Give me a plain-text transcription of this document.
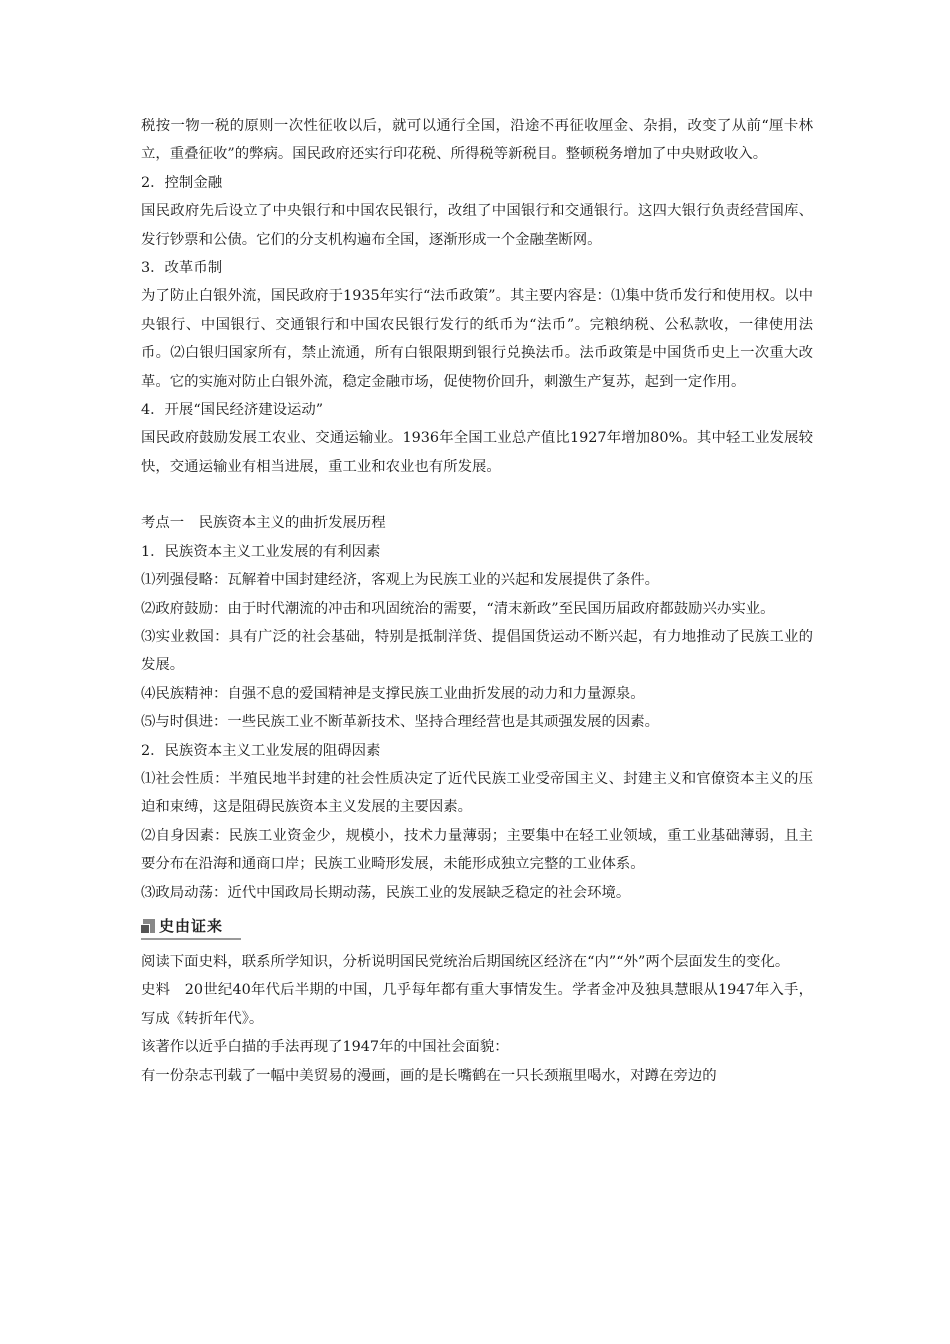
税按一物一税的原则一次性征收以后，就可以通行全国，沿途不再征收厘金、杂捐，改变了从前“厘卡林立，重叠征收”的弊病。国民政府还实行印花税、所得税等新税目。整顿税务增加了中央财政收入。

2．控制金融

国民政府先后设立了中央银行和中国农民银行，改组了中国银行和交通银行。这四大银行负责经营国库、发行钞票和公债。它们的分支机构遍布全国，逐渐形成一个金融垄断网。

3．改革币制

为了防止白银外流，国民政府于1935年实行“法币政策”。其主要内容是：⑴集中货币发行和使用权。以中央银行、中国银行、交通银行和中国农民银行发行的纸币为“法币”。完粮纳税、公私款收，一律使用法币。⑵白银归国家所有，禁止流通，所有白银限期到银行兑换法币。法币政策是中国货币史上一次重大改革。它的实施对防止白银外流，稳定金融市场，促使物价回升，刺激生产复苏，起到一定作用。

4．开展“国民经济建设运动”

国民政府鼓励发展工农业、交通运输业。1936年全国工业总产值比1927年增加80%。其中轻工业发展较快，交通运输业有相当进展，重工业和农业也有所发展。

考点一　民族资本主义的曲折发展历程

1．民族资本主义工业发展的有利因素

⑴列强侵略：瓦解着中国封建经济，客观上为民族工业的兴起和发展提供了条件。

⑵政府鼓励：由于时代潮流的冲击和巩固统治的需要，“清末新政”至民国历届政府都鼓励兴办实业。

⑶实业救国：具有广泛的社会基础，特别是抵制洋货、提倡国货运动不断兴起，有力地推动了民族工业的发展。

⑷民族精神：自强不息的爱国精神是支撑民族工业曲折发展的动力和力量源泉。

⑸与时俱进：一些民族工业不断革新技术、坚持合理经营也是其顽强发展的因素。

2．民族资本主义工业发展的阻碍因素

⑴社会性质：半殖民地半封建的社会性质决定了近代民族工业受帝国主义、封建主义和官僚资本主义的压迫和束缚，这是阻碍民族资本主义发展的主要因素。

⑵自身因素：民族工业资金少，规模小，技术力量薄弱；主要集中在轻工业领域，重工业基础薄弱，且主要分布在沿海和通商口岸；民族工业畸形发展，未能形成独立完整的工业体系。

⑶政局动荡：近代中国政局长期动荡，民族工业的发展缺乏稳定的社会环境。

史由证来

阅读下面史料，联系所学知识，分析说明国民党统治后期国统区经济在“内”“外”两个层面发生的变化。

史料　20世纪40年代后半期的中国，几乎每年都有重大事情发生。学者金冲及独具慧眼从1947年入手，写成《转折年代》。

该著作以近乎白描的手法再现了1947年的中国社会面貌：

有一份杂志刊载了一幅中美贸易的漫画，画的是长嘴鹤在一只长颈瓶里喝水，对蹲在旁边的
